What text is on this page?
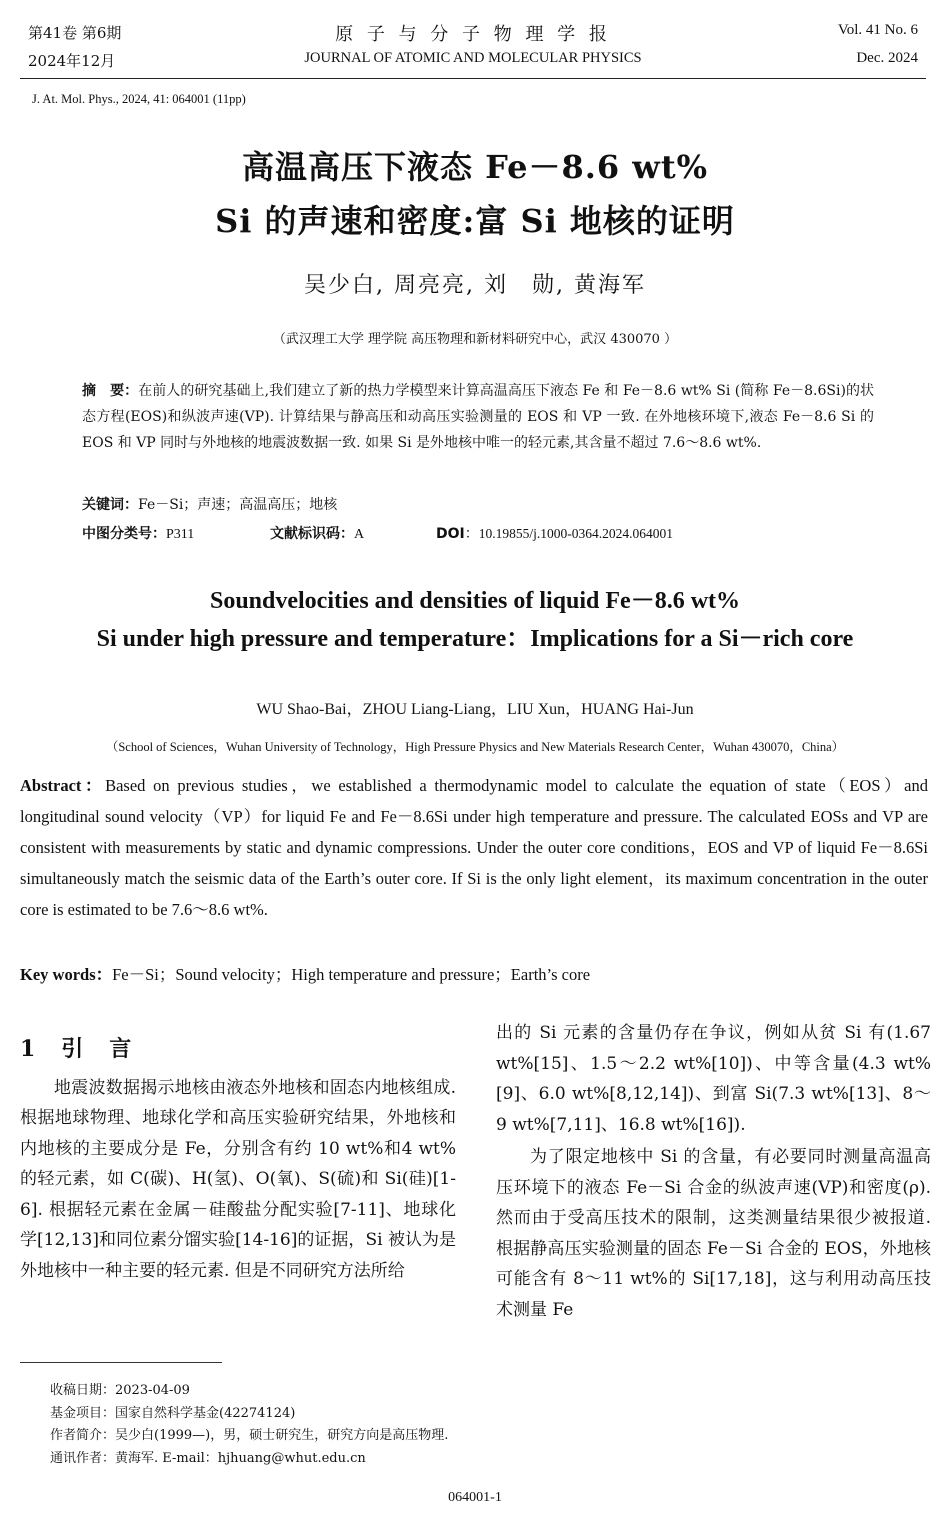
第41卷 第6期	原 子 与 分 子 物 理 学 报	Vol. 41 No. 6
2024年12月	JOURNAL OF ATOMIC AND MOLECULAR PHYSICS	Dec. 2024
J. At. Mol. Phys., 2024, 41: 064001 (11pp)
高温高压下液态 Fe－8.6 wt%
Si 的声速和密度:富 Si 地核的证明
吴少白, 周亮亮, 刘　勋, 黄海军
（武汉理工大学 理学院 高压物理和新材料研究中心，武汉 430070 ）
摘　要：在前人的研究基础上,我们建立了新的热力学模型来计算高温高压下液态 Fe 和 Fe－8.6 wt% Si (简称 Fe－8.6Si)的状态方程(EOS)和纵波声速(VP). 计算结果与静高压和动高压实验测量的 EOS 和 VP 一致. 在外地核环境下,液态 Fe－8.6 Si 的 EOS 和 VP 同时与外地核的地震波数据一致. 如果 Si 是外地核中唯一的轻元素,其含量不超过 7.6～8.6 wt%.
关键词：Fe－Si；声速；高温高压；地核
中图分类号：P311	文献标识码：A	DOI：10.19855/j.1000-0364.2024.064001
Soundvelocities and densities of liquid Fe－8.6 wt%
Si under high pressure and temperature：Implications for a Si－rich core
WU Shao-Bai，ZHOU Liang-Liang，LIU Xun，HUANG Hai-Jun
（School of Sciences，Wuhan University of Technology，High Pressure Physics and New Materials Research Center，Wuhan 430070，China）
Abstract：Based on previous studies，we established a thermodynamic model to calculate the equation of state（EOS）and longitudinal sound velocity（VP）for liquid Fe and Fe－8.6Si under high temperature and pressure. The calculated EOSs and VP are consistent with measurements by static and dynamic compressions. Under the outer core conditions，EOS and VP of liquid Fe－8.6Si simultaneously match the seismic data of the Earth’s outer core. If Si is the only light element，its maximum concentration in the outer core is estimated to be 7.6～8.6 wt%.
Key words：Fe－Si；Sound velocity；High temperature and pressure；Earth’s core
1　引　言

地震波数据揭示地核由液态外地核和固态内地核组成. 根据地球物理、地球化学和高压实验研究结果，外地核和内地核的主要成分是 Fe，分别含有约 10 wt%和4 wt%的轻元素，如 C(碳)、H(氢)、O(氧)、S(硫)和 Si(硅)[1-6]. 根据轻元素在金属－硅酸盐分配实验[7-11]、地球化学[12,13]和同位素分馏实验[14-16]的证据，Si 被认为是外地核中一种主要的轻元素. 但是不同研究方法所给

出的 Si 元素的含量仍存在争议，例如从贫 Si 有(1.67 wt%[15]、1.5～2.2 wt%[10])、中等含量(4.3 wt%[9]、6.0 wt%[8,12,14])、到富 Si(7.3 wt%[13]、8～9 wt%[7,11]、16.8 wt%[16]).

为了限定地核中 Si 的含量，有必要同时测量高温高压环境下的液态 Fe－Si 合金的纵波声速(VP)和密度(ρ). 然而由于受高压技术的限制，这类测量结果很少被报道. 根据静高压实验测量的固态 Fe－Si 合金的 EOS，外地核可能含有 8～11 wt%的 Si[17,18]，这与利用动高压技术测量 Fe

收稿日期：2023-04-09
基金项目：国家自然科学基金(42274124)
作者简介：吴少白(1999—)，男，硕士研究生，研究方向是高压物理.
通讯作者：黄海军. E-mail：hjhuang@whut.edu.cn
064001-1
